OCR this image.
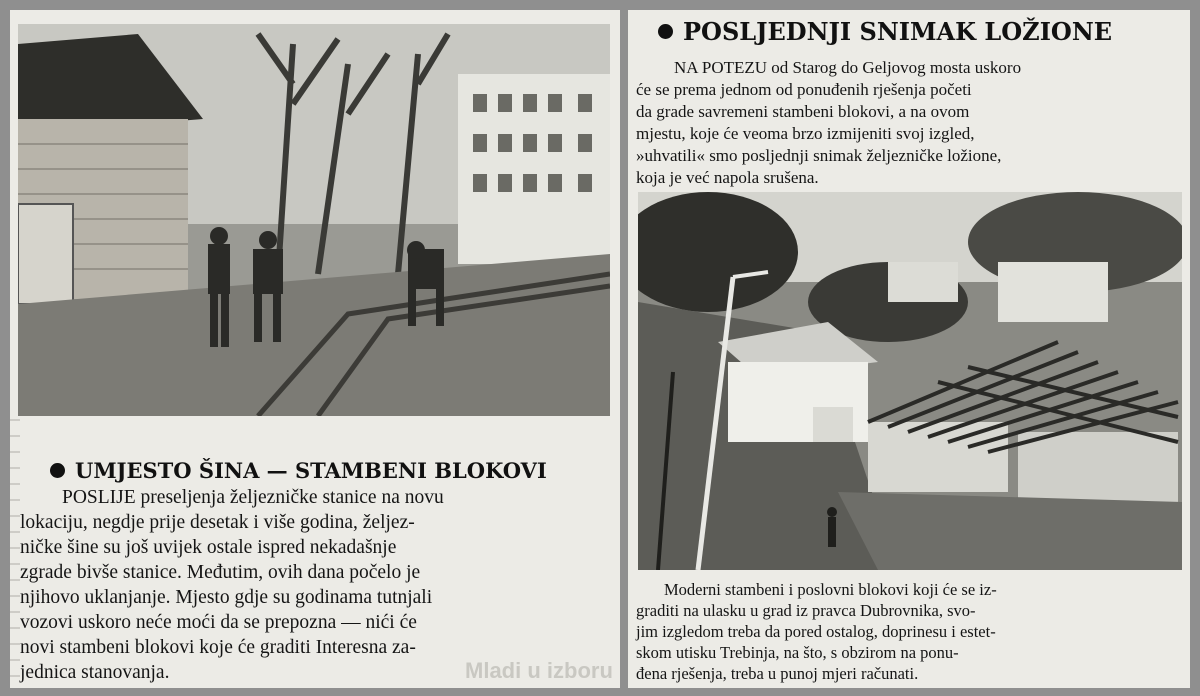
UMJESTO ŠINA — STAMBENI BLOKOVI
POSLIJE preseljenja željezničke stanice na novu
lokaciju, negdje prije desetak i više godina, željez-
ničke šine su još uvijek ostale ispred nekadašnje
zgrade bivše stanice. Međutim, ovih dana počelo je
njihovo uklanjanje. Mjesto gdje su godinama tutnjali
vozovi uskoro neće moći da se prepozna — nići će
novi stambeni blokovi koje će graditi Interesna za-
jednica stanovanja.	Mladi u izboru
POSLJEDNJI SNIMAK LOŽIONE
NA POTEZU od Starog do Geljovog mosta uskoro
će se prema jednom od ponuđenih rješenja početi
da grade savremeni stambeni blokovi, a na ovom
mjestu, koje će veoma brzo izmijeniti svoj izgled,
»uhvatili« smo posljednji snimak željezničke ložione,
koja je već napola srušena.
Moderni stambeni i poslovni blokovi koji će se iz-
graditi na ulasku u grad iz pravca Dubrovnika, svo-
jim izgledom treba da pored ostalog, doprinesu i estet-
skom utisku Trebinja, na što, s obzirom na ponu-
đena rješenja, treba u punoj mjeri računati.
